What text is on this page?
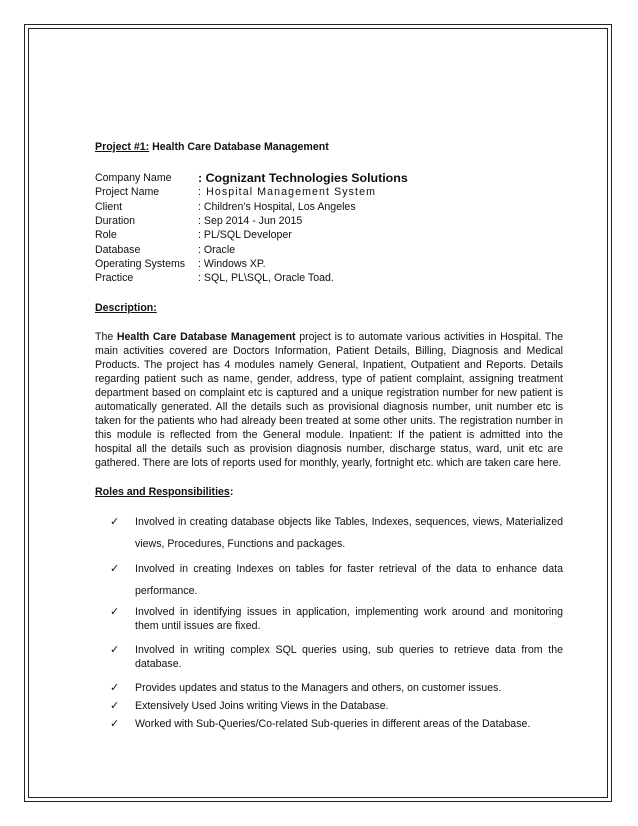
Project #1: Health Care Database Management
Company Name	: Cognizant Technologies Solutions
Project Name	: Hospital Management System
Client	: Children’s Hospital, Los Angeles
Duration	: Sep 2014 - Jun 2015
Role	: PL/SQL Developer
Database	: Oracle
Operating Systems	: Windows XP.
Practice	: SQL, PL\SQL, Oracle Toad.
Description:
The Health Care Database Management project is to automate various activities in Hospital. The main activities covered are Doctors Information, Patient Details, Billing, Diagnosis and Medical Products. The project has 4 modules namely General, Inpatient, Outpatient and Reports. Details regarding patient such as name, gender, address, type of patient complaint, assigning treatment department based on complaint etc is captured and a unique registration number for new patient is automatically generated. All the details such as provisional diagnosis number, unit number etc is taken for the patients who had already been treated at some other units. The registration number in this module is reflected from the General module. Inpatient: If the patient is admitted into the hospital all the details such as provision diagnosis number, discharge status, ward, unit etc are gathered. There are lots of reports used for monthly, yearly, fortnight etc. which are taken care here.
Roles and Responsibilities:
✓ Involved in creating database objects like Tables, Indexes, sequences, views, Materialized views, Procedures, Functions and packages.
✓ Involved in creating Indexes on tables for faster retrieval of the data to enhance data performance.
✓ Involved in identifying issues in application, implementing work around and monitoring them until issues are fixed.
✓ Involved in writing complex SQL queries using, sub queries to retrieve data from the database.
✓ Provides updates and status to the Managers and others, on customer issues.
✓ Extensively Used Joins writing Views in the Database.
✓ Worked with Sub-Queries/Co-related Sub-queries in different areas of the Database.
